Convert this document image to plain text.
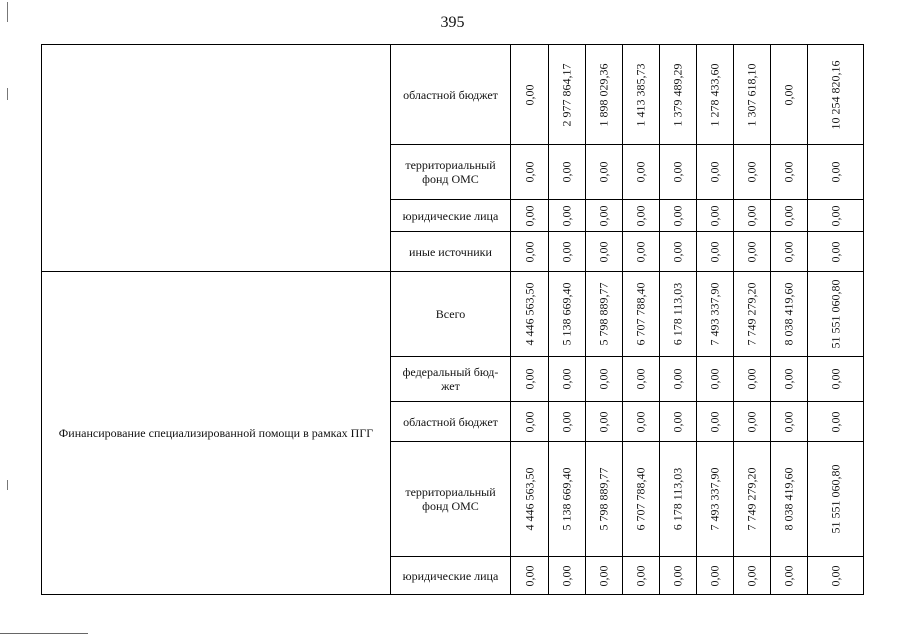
395
	областной бюджет	0,00	2 977 864,17	1 898 029,36	1 413 385,73	1 379 489,29	1 278 433,60	1 307 618,10	0,00	10 254 820,16

	территориальный фонд ОМС	0,00	0,00	0,00	0,00	0,00	0,00	0,00	0,00	0,00

	юридические лица	0,00	0,00	0,00	0,00	0,00	0,00	0,00	0,00	0,00

	иные источники	0,00	0,00	0,00	0,00	0,00	0,00	0,00	0,00	0,00

Финансирование специализированной помощи в рамках ПГГ	Всего	4 446 563,50	5 138 669,40	5 798 889,77	6 707 788,40	6 178 113,03	7 493 337,90	7 749 279,20	8 038 419,60	51 551 060,80

	федеральный бюд-жет	0,00	0,00	0,00	0,00	0,00	0,00	0,00	0,00	0,00

	областной бюджет	0,00	0,00	0,00	0,00	0,00	0,00	0,00	0,00	0,00

	территориальный фонд ОМС	4 446 563,50	5 138 669,40	5 798 889,77	6 707 788,40	6 178 113,03	7 493 337,90	7 749 279,20	8 038 419,60	51 551 060,80

	юридические лица	0,00	0,00	0,00	0,00	0,00	0,00	0,00	0,00	0,00
